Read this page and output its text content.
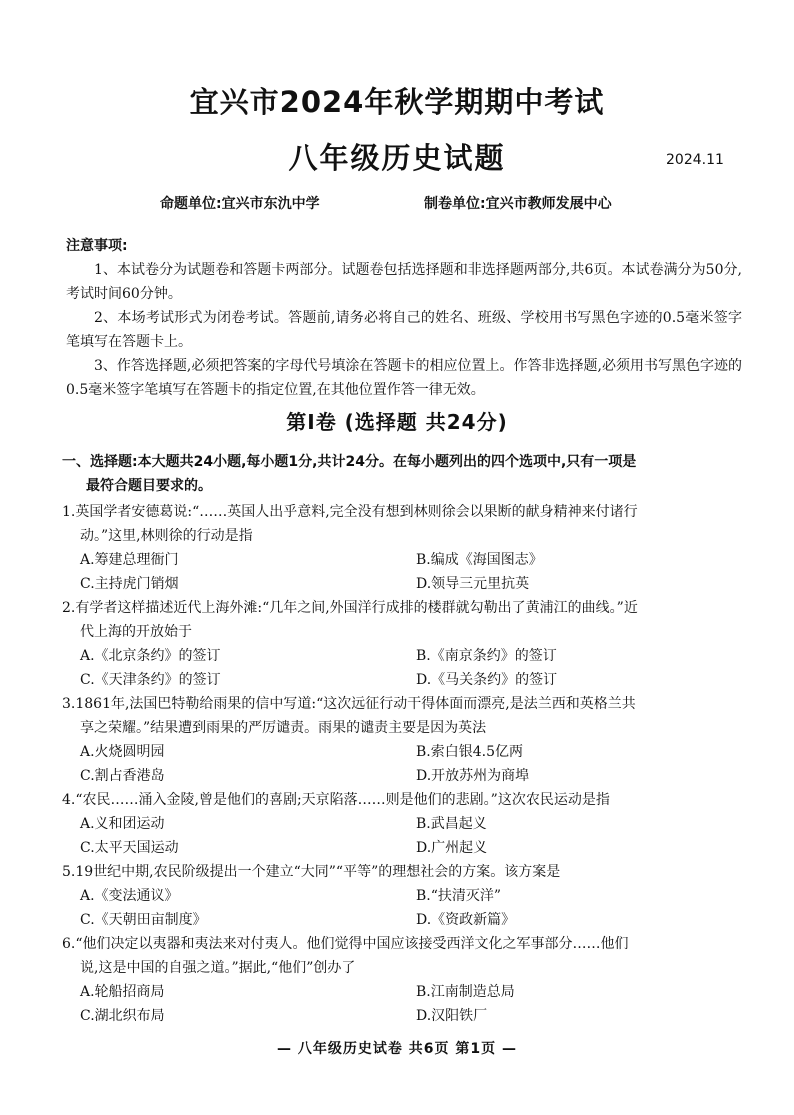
宜兴市2024年秋学期期中考试
八年级历史试题	2024.11
命题单位:宜兴市东氿中学	制卷单位:宜兴市教师发展中心
注意事项:

1、本试卷分为试题卷和答题卡两部分。试题卷包括选择题和非选择题两部分,共6页。本试卷满分为50分,考试时间60分钟。

2、本场考试形式为闭卷考试。答题前,请务必将自己的姓名、班级、学校用书写黑色字迹的0.5毫米签字笔填写在答题卡上。

3、作答选择题,必须把答案的字母代号填涂在答题卡的相应位置上。作答非选择题,必须用书写黑色字迹的0.5毫米签字笔填写在答题卡的指定位置,在其他位置作答一律无效。

第Ⅰ卷 (选择题 共24分)
一、选择题:本大题共24小题,每小题1分,共计24分。在每小题列出的四个选项中,只有一项是
最符合题目要求的。
1.英国学者安德葛说:“……英国人出乎意料,完全没有想到林则徐会以果断的献身精神来付诸行
动。”这里,林则徐的行动是指
A.筹建总理衙门	B.编成《海国图志》
C.主持虎门销烟	D.领导三元里抗英
2.有学者这样描述近代上海外滩:“几年之间,外国洋行成排的楼群就勾勒出了黄浦江的曲线。”近
代上海的开放始于
A.《北京条约》的签订	B.《南京条约》的签订
C.《天津条约》的签订	D.《马关条约》的签订
3.1861年,法国巴特勒给雨果的信中写道:“这次远征行动干得体面而漂亮,是法兰西和英格兰共
享之荣耀。”结果遭到雨果的严厉谴责。雨果的谴责主要是因为英法
A.火烧圆明园	B.索白银4.5亿两
C.割占香港岛	D.开放苏州为商埠
4.“农民……涌入金陵,曾是他们的喜剧;天京陷落……则是他们的悲剧。”这次农民运动是指
A.义和团运动	B.武昌起义
C.太平天国运动	D.广州起义
5.19世纪中期,农民阶级提出一个建立“大同”“平等”的理想社会的方案。该方案是
A.《变法通议》	B.“扶清灭洋”
C.《天朝田亩制度》	D.《资政新篇》
6.“他们决定以夷器和夷法来对付夷人。他们觉得中国应该接受西洋文化之军事部分……他们
说,这是中国的自强之道。”据此,“他们”创办了
A.轮船招商局	B.江南制造总局
C.湖北织布局	D.汉阳铁厂
— 八年级历史试卷 共6页 第1页 —
